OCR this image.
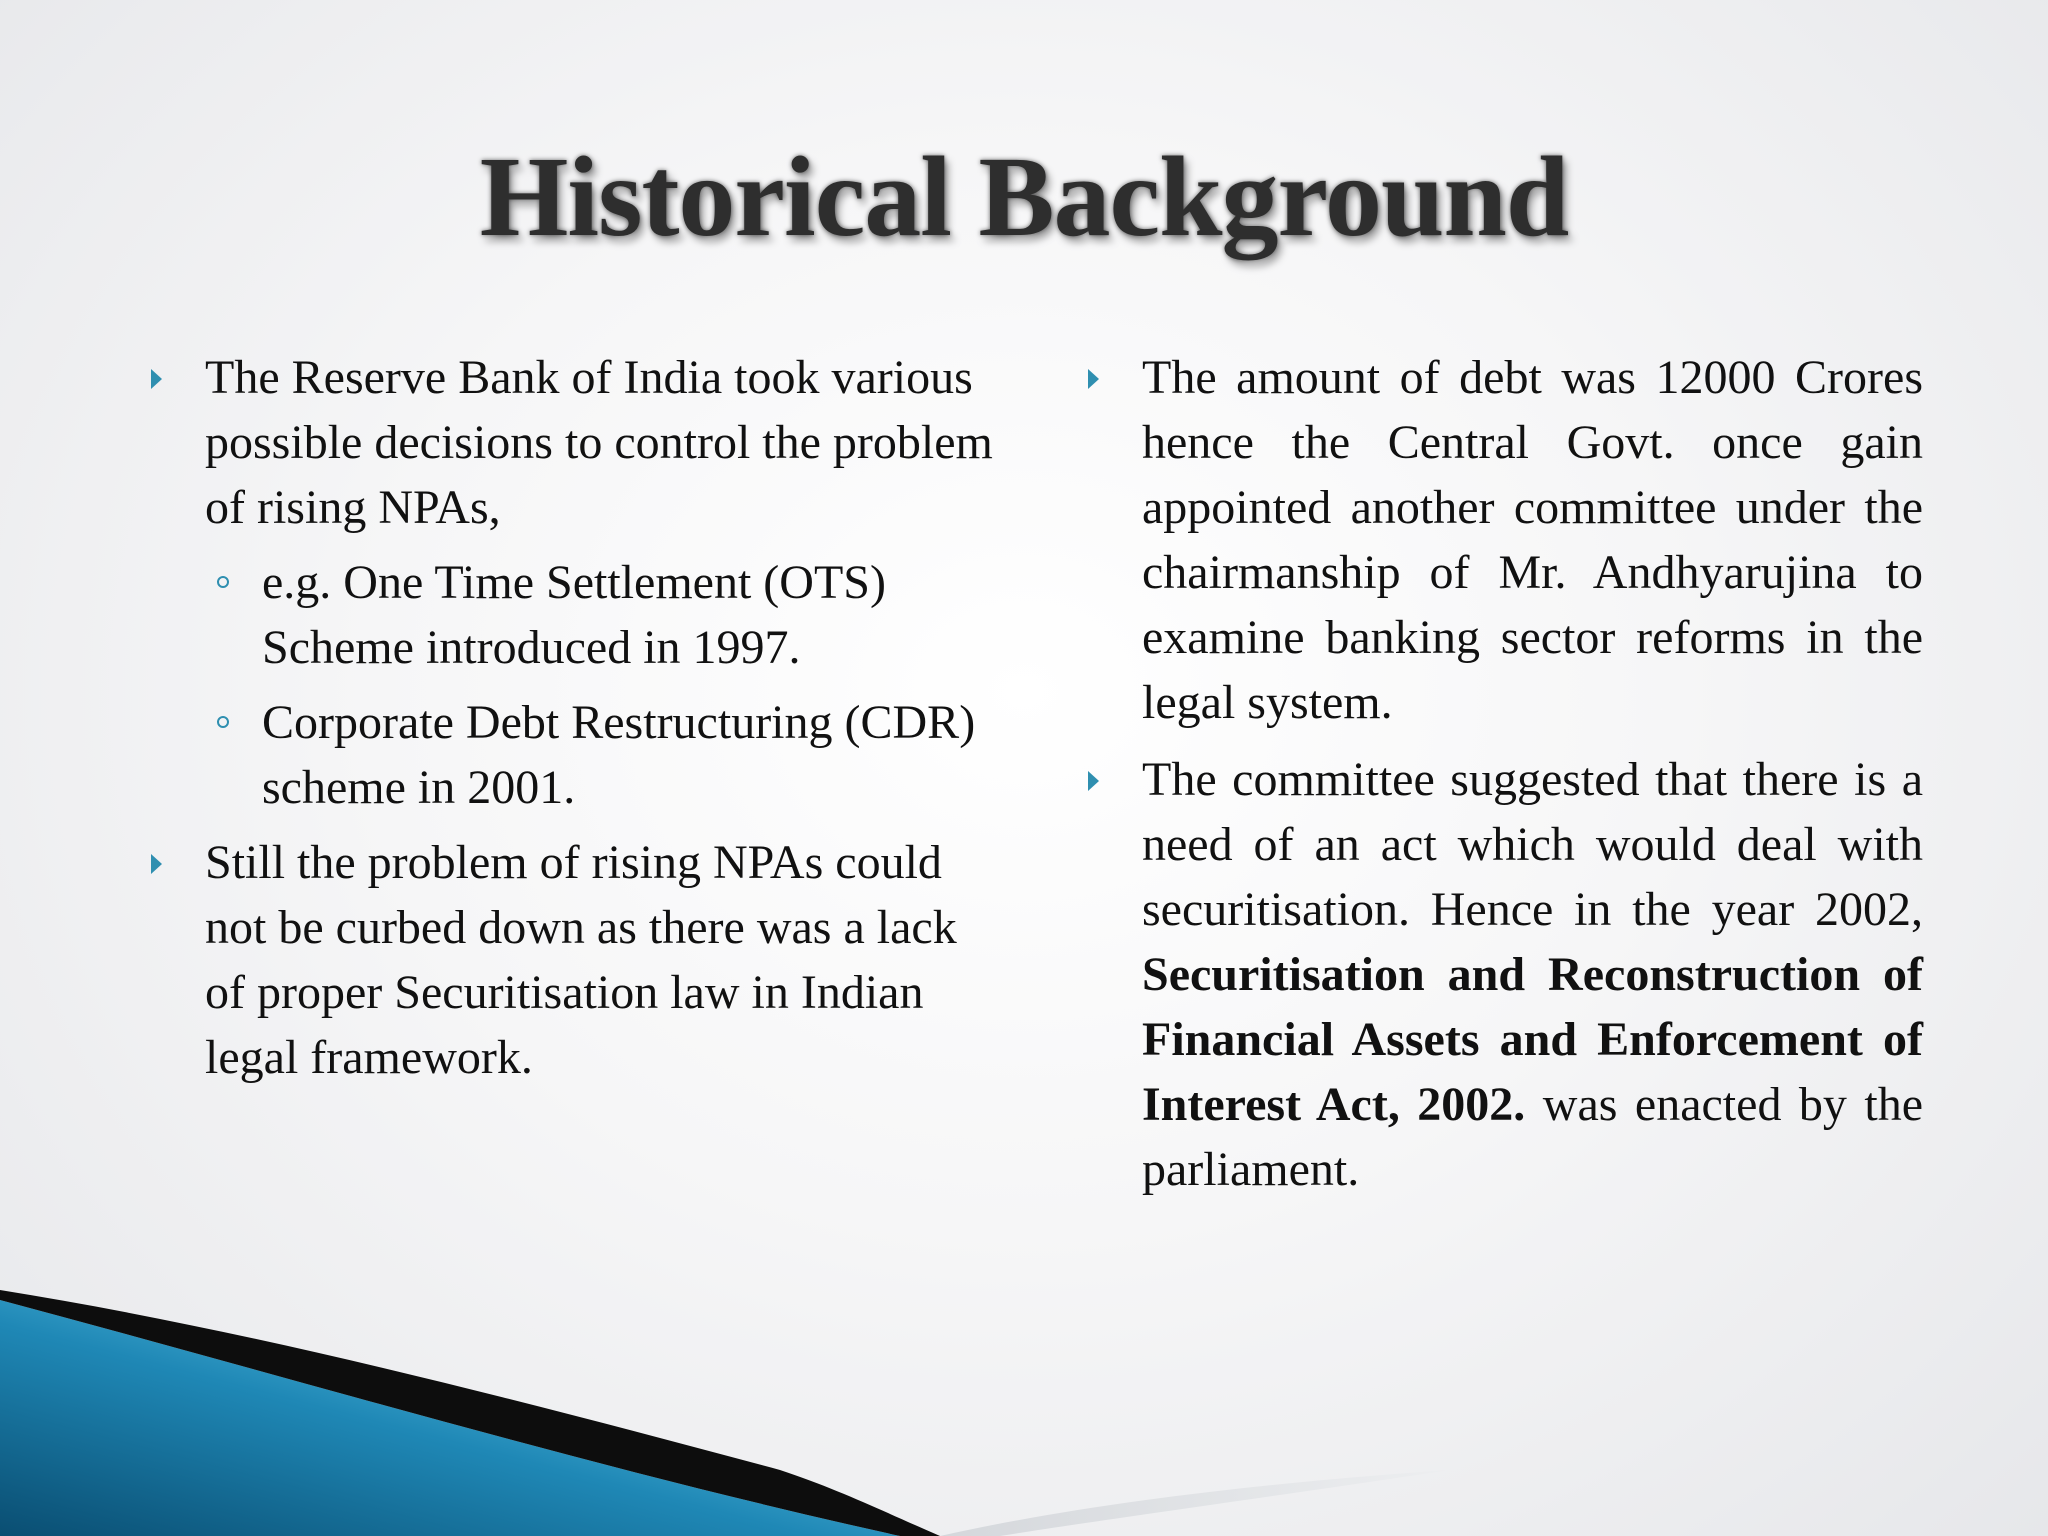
Historical Background
The Reserve Bank of India took various possible decisions to control the problem of rising NPAs,
e.g. One Time Settlement (OTS) Scheme introduced in 1997.
Corporate Debt Restructuring (CDR) scheme in 2001.
Still the problem of rising NPAs could not be curbed down as there was a lack of proper Securitisation law in Indian legal framework.
The amount of debt was 12000 Crores hence the Central Govt. once gain appointed another committee under the chairmanship of Mr. Andhyarujina to examine banking sector reforms in the legal system.
The committee suggested that there is a need of an act which would deal with securitisation. Hence in the year 2002, Securitisation and Reconstruction of Financial Assets and Enforcement of Interest Act, 2002. was enacted by the parliament.
